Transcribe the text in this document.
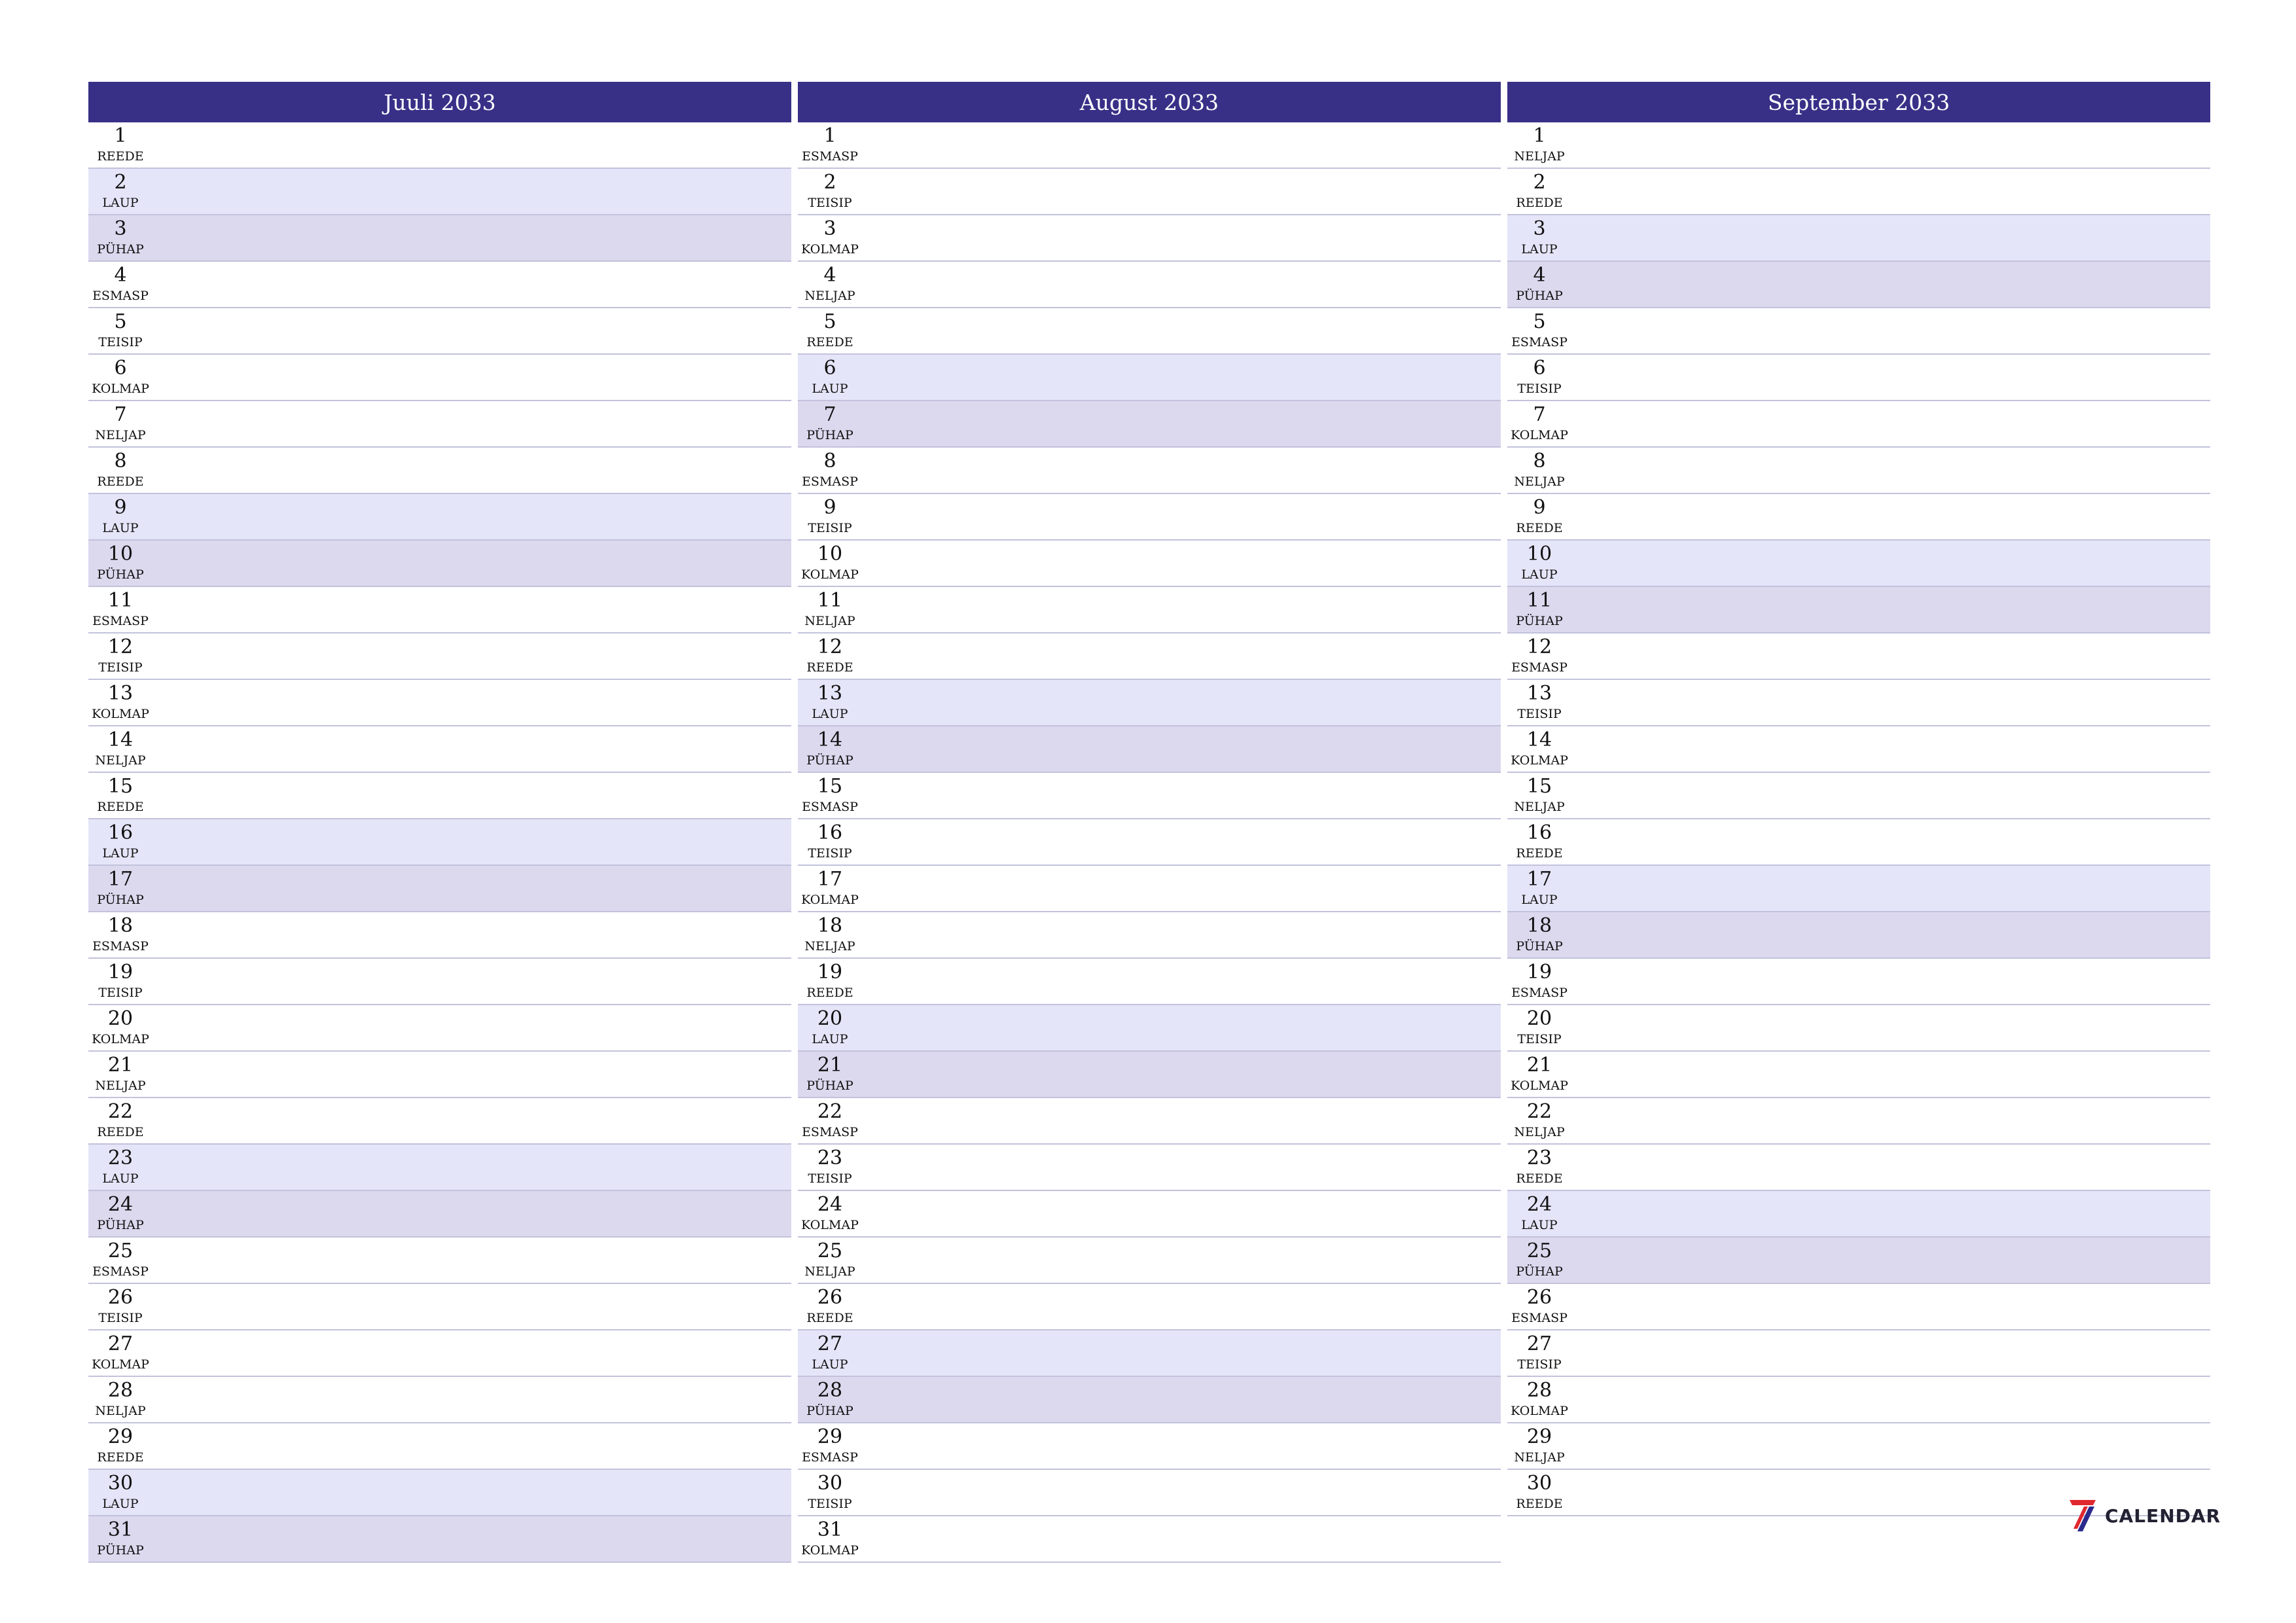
Juuli 2033
1
REEDE
2
LAUP
3
PÜHAP
4
ESMASP
5
TEISIP
6
KOLMAP
7
NELJAP
8
REEDE
9
LAUP
10
PÜHAP
11
ESMASP
12
TEISIP
13
KOLMAP
14
NELJAP
15
REEDE
16
LAUP
17
PÜHAP
18
ESMASP
19
TEISIP
20
KOLMAP
21
NELJAP
22
REEDE
23
LAUP
24
PÜHAP
25
ESMASP
26
TEISIP
27
KOLMAP
28
NELJAP
29
REEDE
30
LAUP
31
PÜHAP
August 2033
1
ESMASP
2
TEISIP
3
KOLMAP
4
NELJAP
5
REEDE
6
LAUP
7
PÜHAP
8
ESMASP
9
TEISIP
10
KOLMAP
11
NELJAP
12
REEDE
13
LAUP
14
PÜHAP
15
ESMASP
16
TEISIP
17
KOLMAP
18
NELJAP
19
REEDE
20
LAUP
21
PÜHAP
22
ESMASP
23
TEISIP
24
KOLMAP
25
NELJAP
26
REEDE
27
LAUP
28
PÜHAP
29
ESMASP
30
TEISIP
31
KOLMAP
September 2033
1
NELJAP
2
REEDE
3
LAUP
4
PÜHAP
5
ESMASP
6
TEISIP
7
KOLMAP
8
NELJAP
9
REEDE
10
LAUP
11
PÜHAP
12
ESMASP
13
TEISIP
14
KOLMAP
15
NELJAP
16
REEDE
17
LAUP
18
PÜHAP
19
ESMASP
20
TEISIP
21
KOLMAP
22
NELJAP
23
REEDE
24
LAUP
25
PÜHAP
26
ESMASP
27
TEISIP
28
KOLMAP
29
NELJAP
30
REEDE
CALENDAR
